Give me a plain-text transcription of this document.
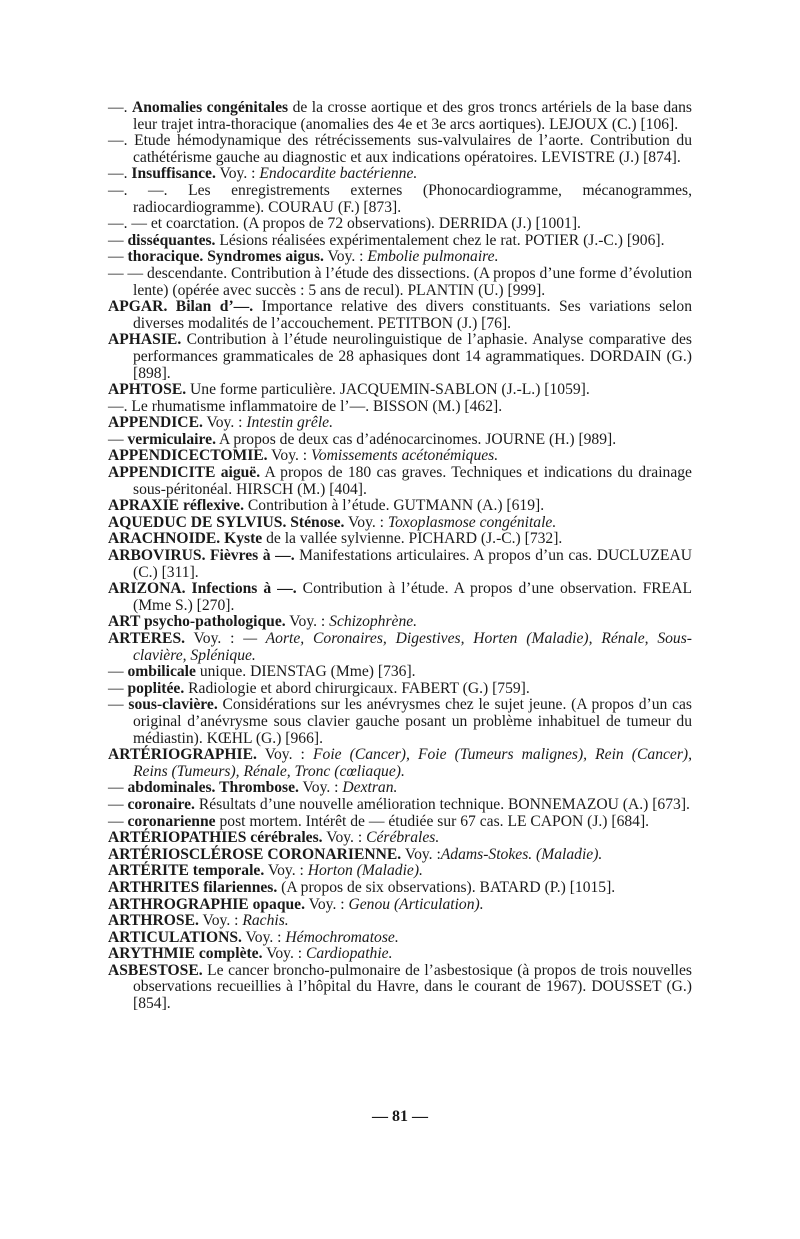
—. Anomalies congénitales de la crosse aortique et des gros troncs artériels de la base dans leur trajet intra-thoracique (anomalies des 4e et 3e arcs aortiques). LEJOUX (C.) [106].

—. Etude hémodynamique des rétrécissements sus-valvulaires de l’aorte. Contribution du cathétérisme gauche au diagnostic et aux indications opératoires. LEVISTRE (J.) [874].

—. Insuffisance. Voy. : Endocardite bactérienne.

—. —. Les enregistrements externes (Phonocardiogramme, mécanogrammes, radiocardiogramme). COURAU (F.) [873].

—. — et coarctation. (A propos de 72 observations). DERRIDA (J.) [1001].

— disséquantes. Lésions réalisées expérimentalement chez le rat. POTIER (J.-C.) [906].

— thoracique. Syndromes aigus. Voy. : Embolie pulmonaire.

— — descendante. Contribution à l’étude des dissections. (A propos d’une forme d’évolution lente) (opérée avec succès : 5 ans de recul). PLANTIN (U.) [999].

APGAR. Bilan d’—. Importance relative des divers constituants. Ses variations selon diverses modalités de l’accouchement. PETITBON (J.) [76].

APHASIE. Contribution à l’étude neurolinguistique de l’aphasie. Analyse comparative des performances grammaticales de 28 aphasiques dont 14 agrammatiques. DORDAIN (G.) [898].

APHTOSE. Une forme particulière. JACQUEMIN-SABLON (J.-L.) [1059].

—. Le rhumatisme inflammatoire de l’—. BISSON (M.) [462].

APPENDICE. Voy. : Intestin grêle.

— vermiculaire. A propos de deux cas d’adénocarcinomes. JOURNE (H.) [989].

APPENDICECTOMIE. Voy. : Vomissements acétonémiques.

APPENDICITE aiguë. A propos de 180 cas graves. Techniques et indications du drainage sous-péritonéal. HIRSCH (M.) [404].

APRAXIE réflexive. Contribution à l’étude. GUTMANN (A.) [619].

AQUEDUC DE SYLVIUS. Sténose. Voy. : Toxoplasmose congénitale.

ARACHNOIDE. Kyste de la vallée sylvienne. PICHARD (J.-C.) [732].

ARBOVIRUS. Fièvres à —. Manifestations articulaires. A propos d’un cas. DUCLUZEAU (C.) [311].

ARIZONA. Infections à —. Contribution à l’étude. A propos d’une observation. FREAL (Mme S.) [270].

ART psycho-pathologique. Voy. : Schizophrène.

ARTERES. Voy. : — Aorte, Coronaires, Digestives, Horten (Maladie), Rénale, Sous-clavière, Splénique.

— ombilicale unique. DIENSTAG (Mme) [736].

— poplitée. Radiologie et abord chirurgicaux. FABERT (G.) [759].

— sous-clavière. Considérations sur les anévrysmes chez le sujet jeune. (A propos d’un cas original d’anévrysme sous clavier gauche posant un problème inhabituel de tumeur du médiastin). KŒHL (G.) [966].

ARTÉRIOGRAPHIE. Voy. : Foie (Cancer), Foie (Tumeurs malignes), Rein (Cancer), Reins (Tumeurs), Rénale, Tronc (cœliaque).

— abdominales. Thrombose. Voy. : Dextran.

— coronaire. Résultats d’une nouvelle amélioration technique. BONNEMAZOU (A.) [673].

— coronarienne post mortem. Intérêt de — étudiée sur 67 cas. LE CAPON (J.) [684].

ARTÉRIOPATHIES cérébrales. Voy. : Cérébrales.

ARTÉRIOSCLÉROSE CORONARIENNE. Voy. :Adams-Stokes. (Maladie).

ARTÉRITE temporale. Voy. : Horton (Maladie).

ARTHRITES filariennes. (A propos de six observations). BATARD (P.) [1015].

ARTHROGRAPHIE opaque. Voy. : Genou (Articulation).

ARTHROSE. Voy. : Rachis.

ARTICULATIONS. Voy. : Hémochromatose.

ARYTHMIE complète. Voy. : Cardiopathie.

ASBESTOSE. Le cancer broncho-pulmonaire de l’asbestosique (à propos de trois nouvelles observations recueillies à l’hôpital du Havre, dans le courant de 1967). DOUSSET (G.) [854].

— 81 —
